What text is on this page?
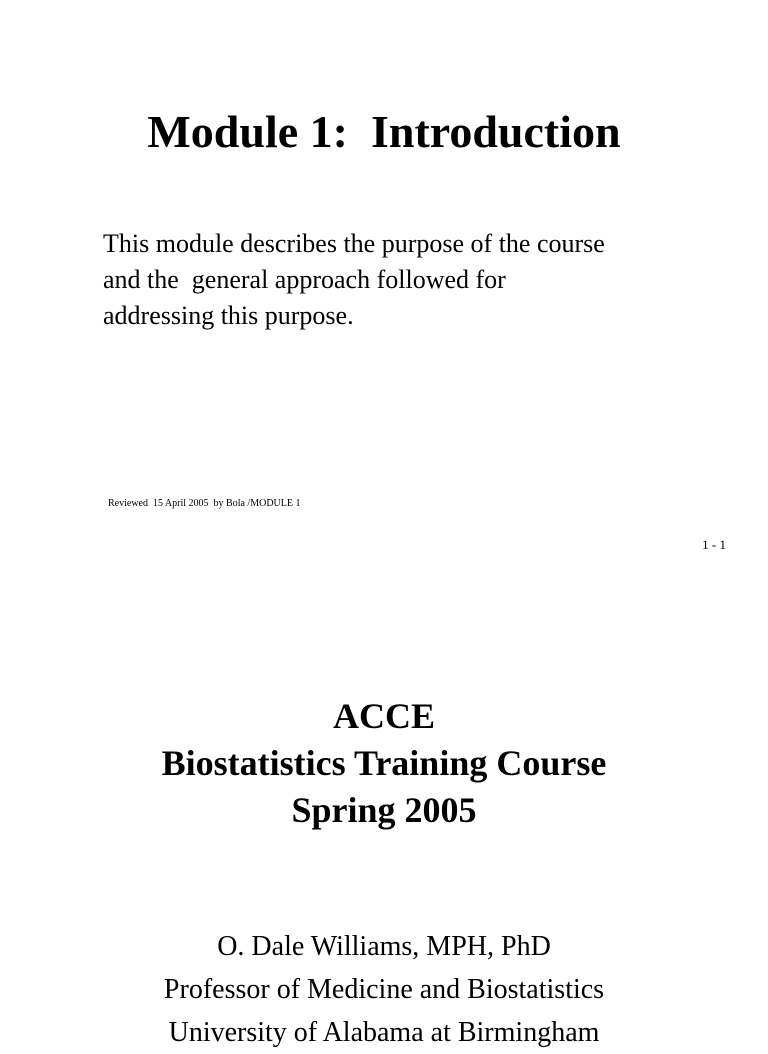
Module 1:  Introduction

This module describes the purpose of the course
and the  general approach followed for
addressing this purpose.

Reviewed  15 April 2005  by Bola /MODULE 1
1 - 1
ACCE
Biostatistics Training Course
Spring 2005
O. Dale Williams, MPH, PhD
Professor of Medicine and Biostatistics
University of Alabama at Birmingham
